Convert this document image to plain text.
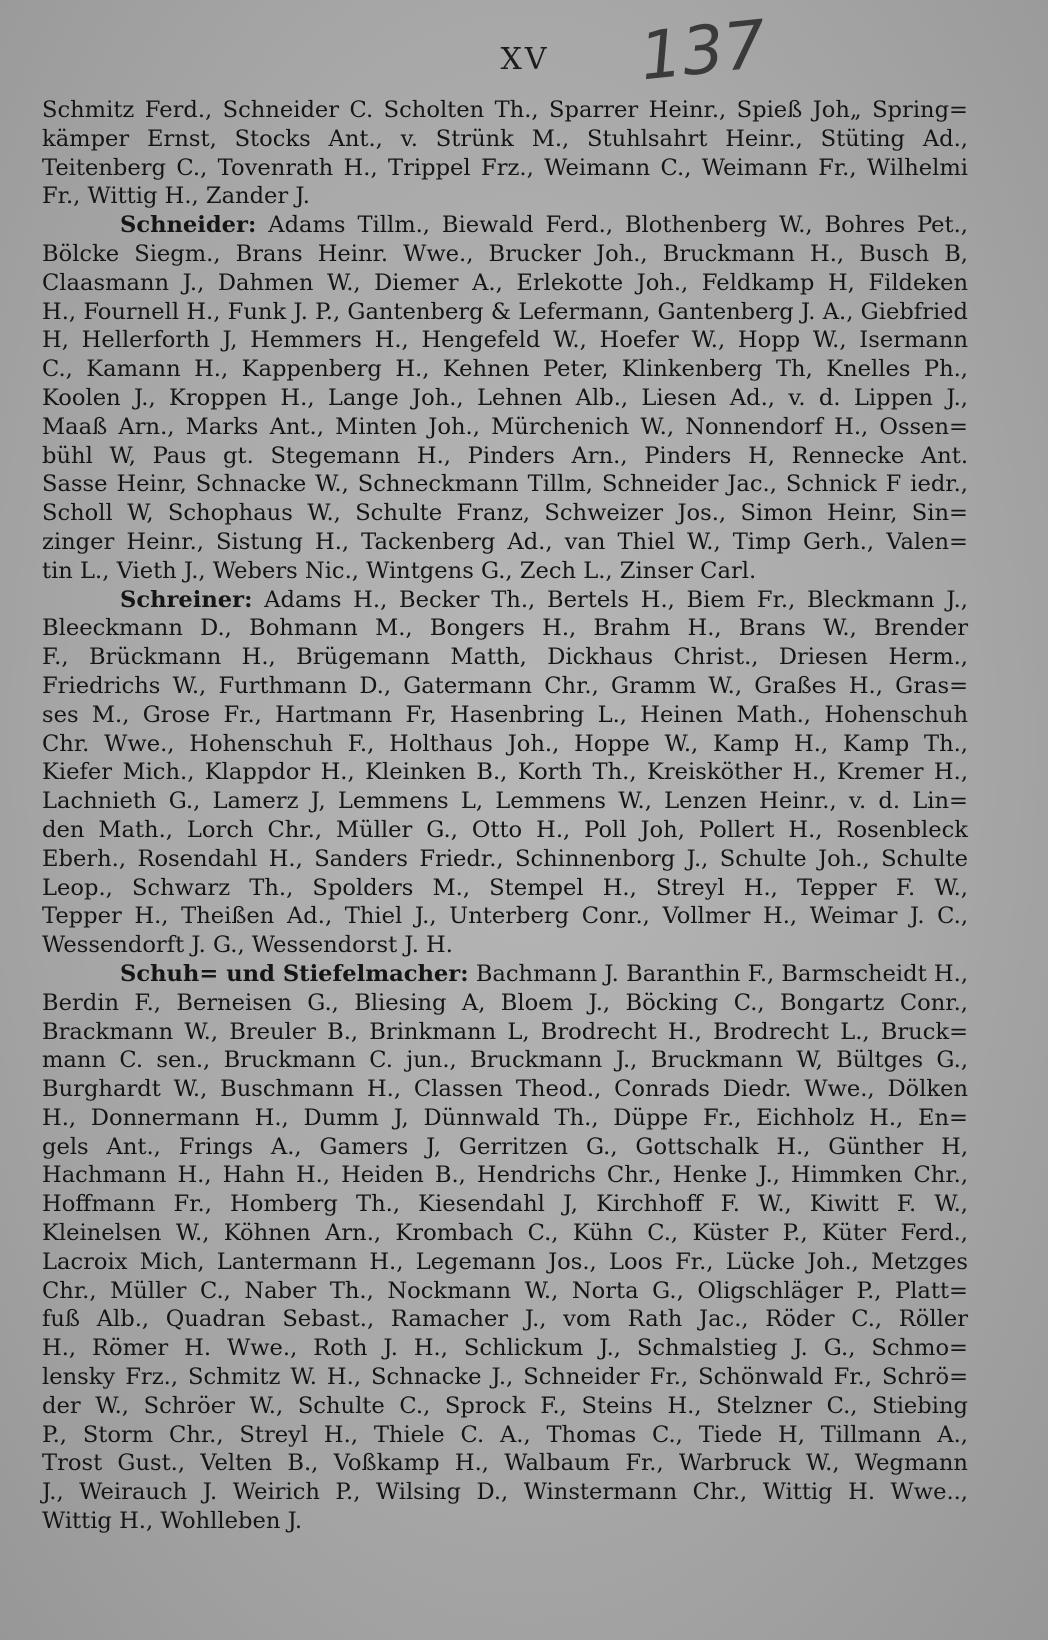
XV	137
Schmitz Ferd., Schneider C. Scholten Th., Sparrer Heinr., Spieß Joh„ Spring=
kämper Ernst, Stocks Ant., v. Strünk M., Stuhlsahrt Heinr., Stüting Ad.,
Teitenberg C., Tovenrath H., Trippel Frz., Weimann C., Weimann Fr., Wilhelmi
Fr., Wittig H., Zander J.
Schneider: Adams Tillm., Biewald Ferd., Blothenberg W., Bohres Pet.,
Bölcke Siegm., Brans Heinr. Wwe., Brucker Joh., Bruckmann H., Busch B,
Claasmann J., Dahmen W., Diemer A., Erlekotte Joh., Feldkamp H, Fildeken
H., Fournell H., Funk J. P., Gantenberg & Lefermann, Gantenberg J. A., Giebfried
H, Hellerforth J, Hemmers H., Hengefeld W., Hoefer W., Hopp W., Isermann
C., Kamann H., Kappenberg H., Kehnen Peter, Klinkenberg Th, Knelles Ph.,
Koolen J., Kroppen H., Lange Joh., Lehnen Alb., Liesen Ad., v. d. Lippen J.,
Maaß Arn., Marks Ant., Minten Joh., Mürchenich W., Nonnendorf H., Ossen=
bühl W, Paus gt. Stegemann H., Pinders Arn., Pinders H, Rennecke Ant.
Sasse Heinr, Schnacke W., Schneckmann Tillm, Schneider Jac., Schnick F iedr.,
Scholl W, Schophaus W., Schulte Franz, Schweizer Jos., Simon Heinr, Sin=
zinger Heinr., Sistung H., Tackenberg Ad., van Thiel W., Timp Gerh., Valen=
tin L., Vieth J., Webers Nic., Wintgens G., Zech L., Zinser Carl.
Schreiner: Adams H., Becker Th., Bertels H., Biem Fr., Bleckmann J.,
Bleeckmann D., Bohmann M., Bongers H., Brahm H., Brans W., Brender
F., Brückmann H., Brügemann Matth, Dickhaus Christ., Driesen Herm.,
Friedrichs W., Furthmann D., Gatermann Chr., Gramm W., Graßes H., Gras=
ses M., Grose Fr., Hartmann Fr, Hasenbring L., Heinen Math., Hohenschuh
Chr. Wwe., Hohenschuh F., Holthaus Joh., Hoppe W., Kamp H., Kamp Th.,
Kiefer Mich., Klappdor H., Kleinken B., Korth Th., Kreisköther H., Kremer H.,
Lachnieth G., Lamerz J, Lemmens L, Lemmens W., Lenzen Heinr., v. d. Lin=
den Math., Lorch Chr., Müller G., Otto H., Poll Joh, Pollert H., Rosenbleck
Eberh., Rosendahl H., Sanders Friedr., Schinnenborg J., Schulte Joh., Schulte
Leop., Schwarz Th., Spolders M., Stempel H., Streyl H., Tepper F. W.,
Tepper H., Theißen Ad., Thiel J., Unterberg Conr., Vollmer H., Weimar J. C.,
Wessendorft J. G., Wessendorst J. H.
Schuh= und Stiefelmacher: Bachmann J. Baranthin F., Barmscheidt H.,
Berdin F., Berneisen G., Bliesing A, Bloem J., Böcking C., Bongartz Conr.,
Brackmann W., Breuler B., Brinkmann L, Brodrecht H., Brodrecht L., Bruck=
mann C. sen., Bruckmann C. jun., Bruckmann J., Bruckmann W, Bültges G.,
Burghardt W., Buschmann H., Classen Theod., Conrads Diedr. Wwe., Dölken
H., Donnermann H., Dumm J, Dünnwald Th., Düppe Fr., Eichholz H., En=
gels Ant., Frings A., Gamers J, Gerritzen G., Gottschalk H., Günther H,
Hachmann H., Hahn H., Heiden B., Hendrichs Chr., Henke J., Himmken Chr.,
Hoffmann Fr., Homberg Th., Kiesendahl J, Kirchhoff F. W., Kiwitt F. W.,
Kleinelsen W., Köhnen Arn., Krombach C., Kühn C., Küster P., Küter Ferd.,
Lacroix Mich, Lantermann H., Legemann Jos., Loos Fr., Lücke Joh., Metzges
Chr., Müller C., Naber Th., Nockmann W., Norta G., Oligschläger P., Platt=
fuß Alb., Quadran Sebast., Ramacher J., vom Rath Jac., Röder C., Röller
H., Römer H. Wwe., Roth J. H., Schlickum J., Schmalstieg J. G., Schmo=
lensky Frz., Schmitz W. H., Schnacke J., Schneider Fr., Schönwald Fr., Schrö=
der W., Schröer W., Schulte C., Sprock F., Steins H., Stelzner C., Stiebing
P., Storm Chr., Streyl H., Thiele C. A., Thomas C., Tiede H, Tillmann A.,
Trost Gust., Velten B., Voßkamp H., Walbaum Fr., Warbruck W., Wegmann
J., Weirauch J. Weirich P., Wilsing D., Winstermann Chr., Wittig H. Wwe..,
Wittig H., Wohlleben J.
